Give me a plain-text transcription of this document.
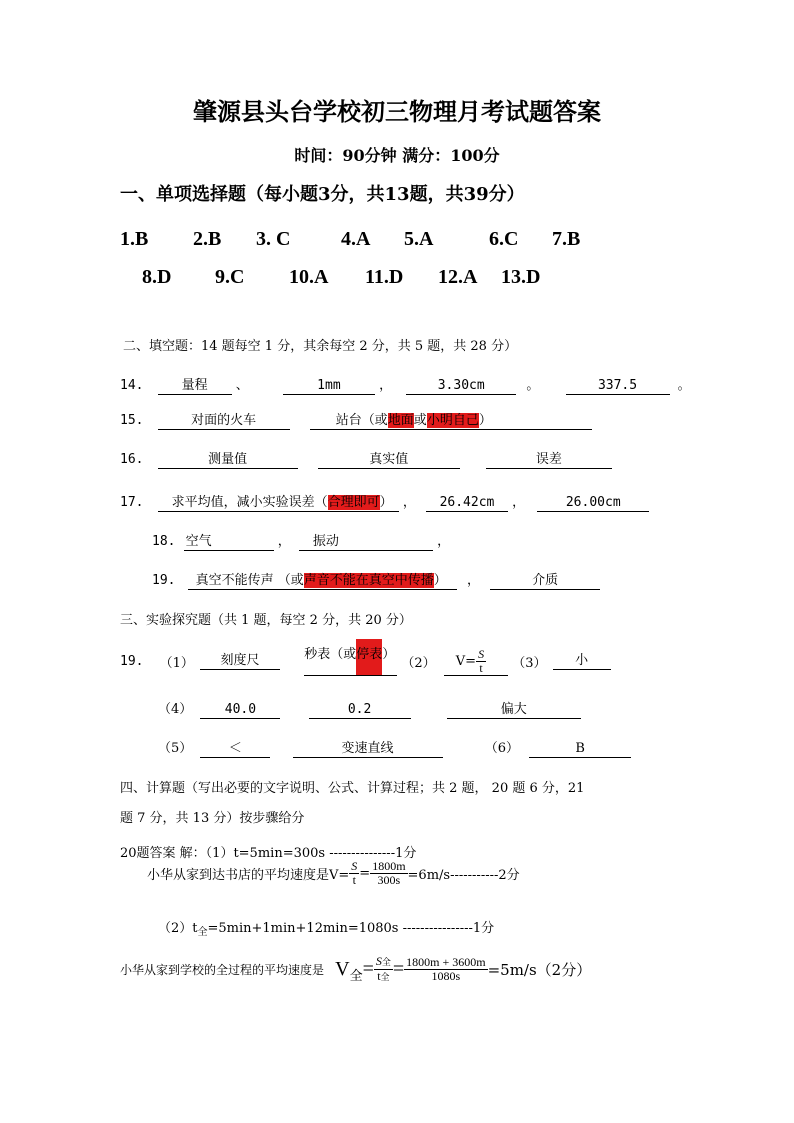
肇源县头台学校初三物理月考试题答案
时间：90分钟 满分：100分
一、单项选择题（每小题3分，共13题，共39分）
1.B 2.B 3. C	4.A 5.A	6.C 7.B
8.D 9.C 10.A 11.D 12.A 13.D
二、填空题：14 题每空 1 分，其余每空 2 分，共 5 题，共 28 分）
14.	量程 、	1mm	，	3.30cm	。	337.5	。
15.	对面的火车	站台（或地面或小明自己）
16.	测量值	真实值	误差
17. 求平均值，减小实验误差（合理即可） ， 26.42cm ，	26.00cm
18. 空气	， 振动	，
19. 真空不能传声 （或声音不能在真空中传播） ，	介质
三、实验探究题（共 1 题，每空 2 分，共 20 分）
19. （1） 刻度尺	秒表（或停表） （2） $V= \frac{S}{t} (3)$ 小
（4） 40.0	0.2	偏大
（5）	＜	变速直线	（6）	B
四、计算题（写出必要的文字说明、公式、计算过程；共 2 题， 20 题 6 分，21
题 7 分，共 13 分）按步骤给分
20题答案 解：（1）t=5min=300s ---------------1分
小华从家到达书店的平均速度是$V= \frac{S}{t} = \frac{1800m}{300s} =6m/s-----------2$分
$(2)t_全=5\min+1\min+12\min=1080s$ ----------------1分
小华从家到学校的全过程的平均速度是 $V_全= \frac{\text{S全}}{\text{t全}} = \frac{1800m + 3600m}{1080s} =5m/s(2$分）
